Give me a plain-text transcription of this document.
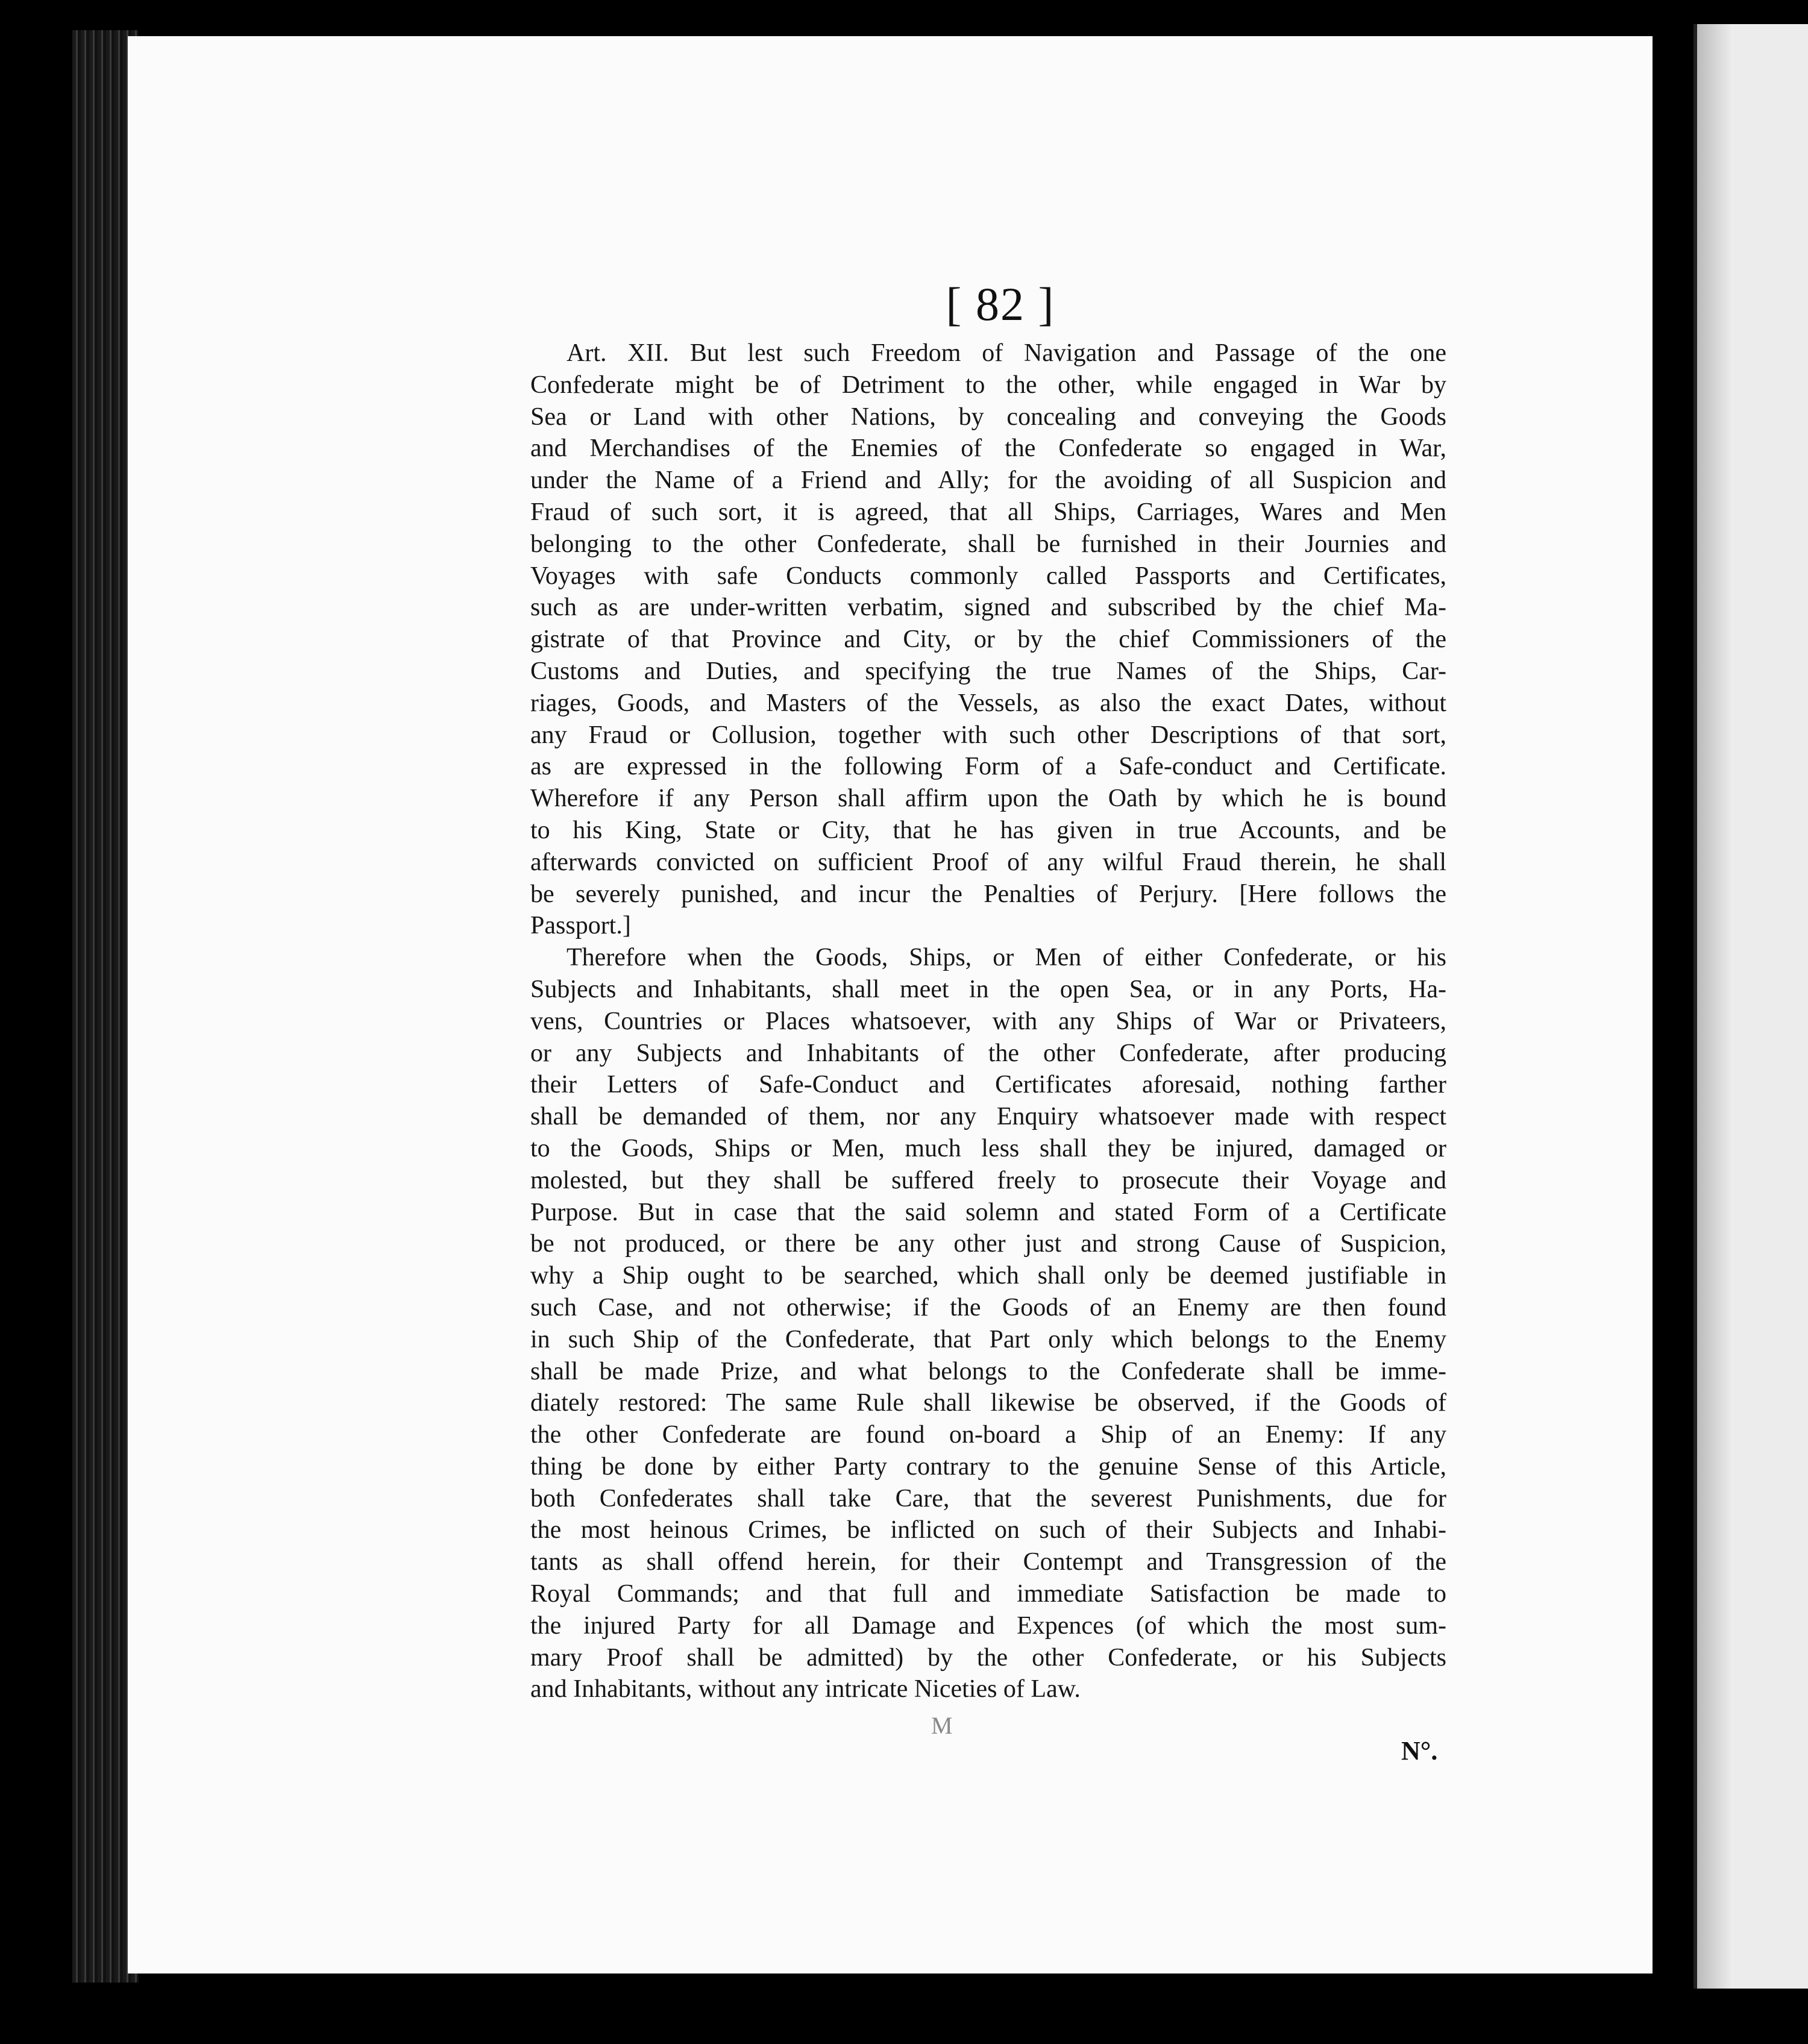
[ 82 ]
Art. XII. But lest such Freedom of Navigation and Passage of the one
Confederate might be of Detriment to the other, while engaged in War by
Sea or Land with other Nations, by concealing and conveying the Goods
and Merchandises of the Enemies of the Confederate so engaged in War,
under the Name of a Friend and Ally; for the avoiding of all Suspicion and
Fraud of such sort, it is agreed, that all Ships, Carriages, Wares and Men
belonging to the other Confederate, shall be furnished in their Journies and
Voyages with safe Conducts commonly called Passports and Certificates,
such as are under-written verbatim, signed and subscribed by the chief Ma-
gistrate of that Province and City, or by the chief Commissioners of the
Customs and Duties, and specifying the true Names of the Ships, Car-
riages, Goods, and Masters of the Vessels, as also the exact Dates, without
any Fraud or Collusion, together with such other Descriptions of that sort,
as are expressed in the following Form of a Safe-conduct and Certificate.
Wherefore if any Person shall affirm upon the Oath by which he is bound
to his King, State or City, that he has given in true Accounts, and be
afterwards convicted on sufficient Proof of any wilful Fraud therein, he shall
be severely punished, and incur the Penalties of Perjury. [Here follows the
Passport.]
Therefore when the Goods, Ships, or Men of either Confederate, or his
Subjects and Inhabitants, shall meet in the open Sea, or in any Ports, Ha-
vens, Countries or Places whatsoever, with any Ships of War or Privateers,
or any Subjects and Inhabitants of the other Confederate, after producing
their Letters of Safe-Conduct and Certificates aforesaid, nothing farther
shall be demanded of them, nor any Enquiry whatsoever made with respect
to the Goods, Ships or Men, much less shall they be injured, damaged or
molested, but they shall be suffered freely to prosecute their Voyage and
Purpose. But in case that the said solemn and stated Form of a Certificate
be not produced, or there be any other just and strong Cause of Suspicion,
why a Ship ought to be searched, which shall only be deemed justifiable in
such Case, and not otherwise; if the Goods of an Enemy are then found
in such Ship of the Confederate, that Part only which belongs to the Enemy
shall be made Prize, and what belongs to the Confederate shall be imme-
diately restored: The same Rule shall likewise be observed, if the Goods of
the other Confederate are found on-board a Ship of an Enemy: If any
thing be done by either Party contrary to the genuine Sense of this Article,
both Confederates shall take Care, that the severest Punishments, due for
the most heinous Crimes, be inflicted on such of their Subjects and Inhabi-
tants as shall offend herein, for their Contempt and Transgression of the
Royal Commands; and that full and immediate Satisfaction be made to
the injured Party for all Damage and Expences (of which the most sum-
mary Proof shall be admitted) by the other Confederate, or his Subjects
and Inhabitants, without any intricate Niceties of Law.
M
N°.
